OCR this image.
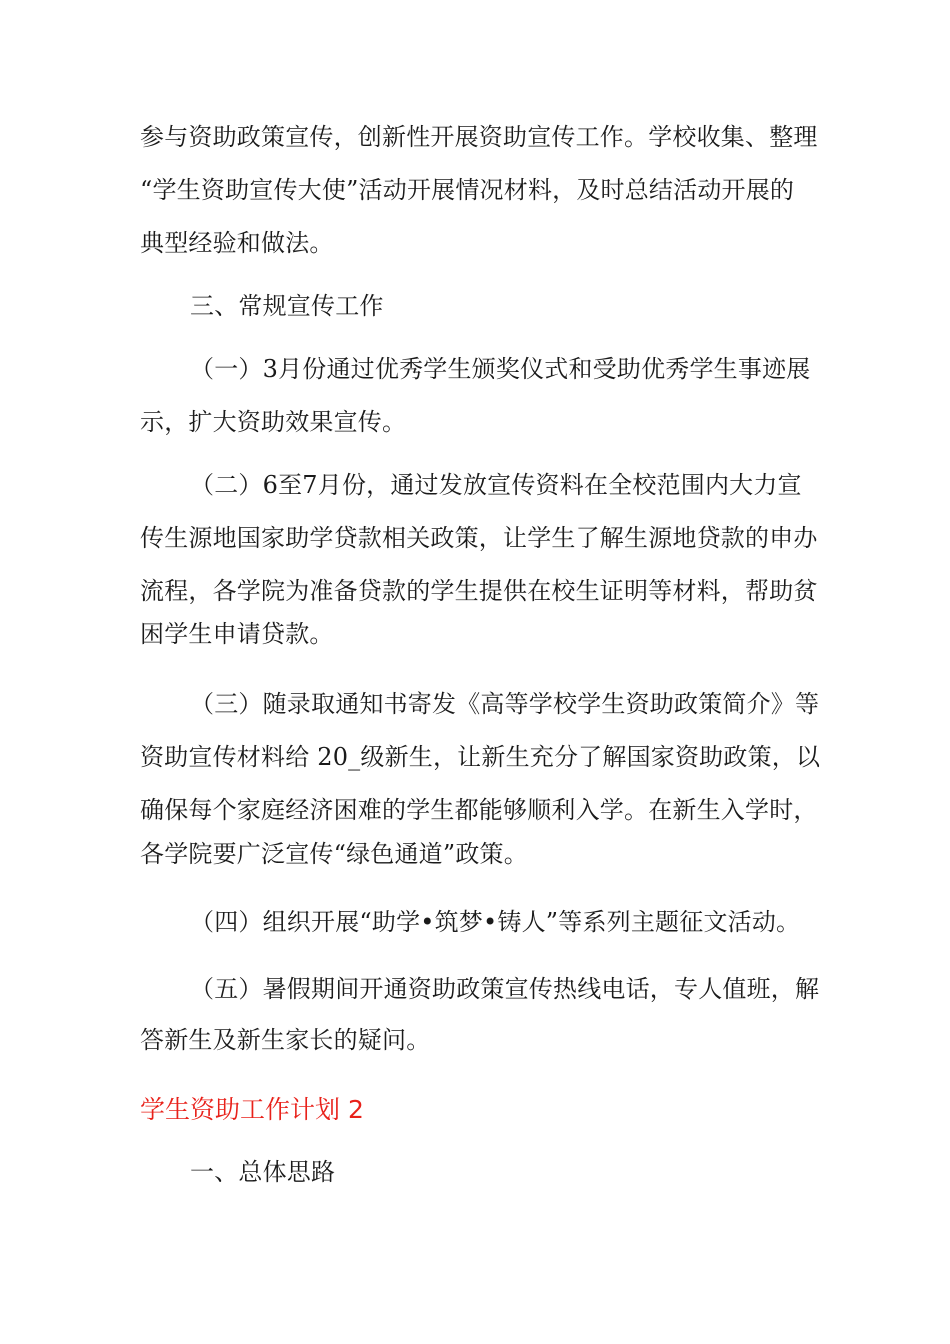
参与资助政策宣传，创新性开展资助宣传工作。学校收集、整理
“学生资助宣传大使”活动开展情况材料，及时总结活动开展的
典型经验和做法。
三、常规宣传工作
（一）3月份通过优秀学生颁奖仪式和受助优秀学生事迹展
示，扩大资助效果宣传。
（二）6至7月份，通过发放宣传资料在全校范围内大力宣
传生源地国家助学贷款相关政策，让学生了解生源地贷款的申办
流程，各学院为准备贷款的学生提供在校生证明等材料，帮助贫
困学生申请贷款。
（三）随录取通知书寄发《高等学校学生资助政策简介》等
资助宣传材料给 20_级新生，让新生充分了解国家资助政策，以
确保每个家庭经济困难的学生都能够顺利入学。在新生入学时，
各学院要广泛宣传“绿色通道”政策。
（四）组织开展“助学•筑梦•铸人”等系列主题征文活动。
（五）暑假期间开通资助政策宣传热线电话，专人值班，解
答新生及新生家长的疑问。
学生资助工作计划 2
一、总体思路
